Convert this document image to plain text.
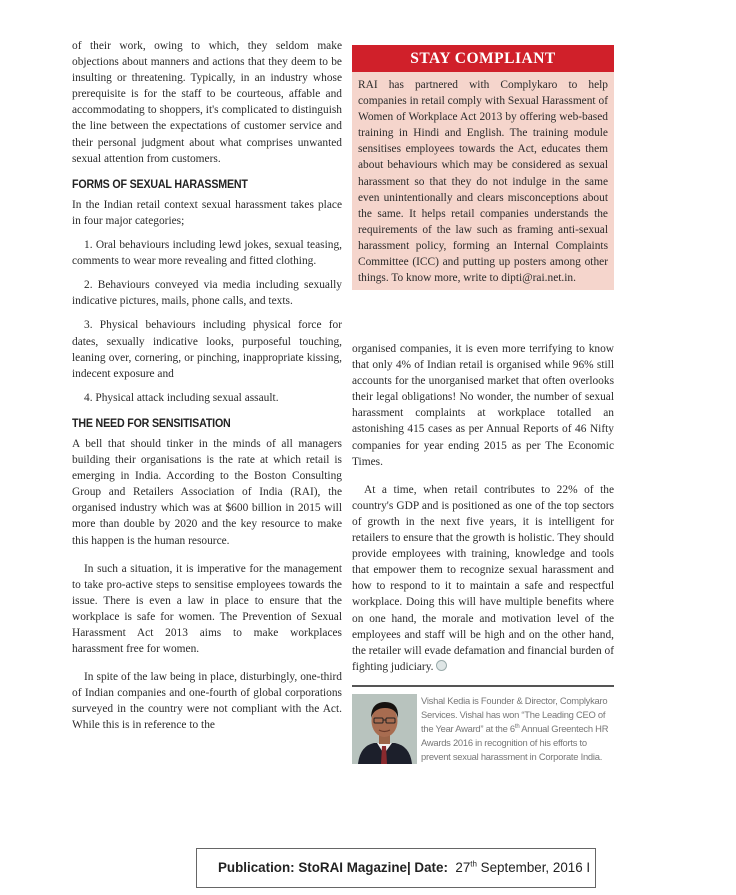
of their work, owing to which, they seldom make objections about manners and actions that they deem to be insulting or threatening. Typically, in an industry whose prerequisite is for the staff to be courteous, affable and accommodating to shoppers, it's complicated to distinguish the line between the expectations of customer service and their personal judgment about what comprises unwanted sexual attention from customers.

FORMS OF SEXUAL HARASSMENT

In the Indian retail context sexual harassment takes place in four major categories;

1. Oral behaviours including lewd jokes, sexual teasing, comments to wear more revealing and fitted clothing.

2. Behaviours conveyed via media including sexually indicative pictures, mails, phone calls, and texts.

3. Physical behaviours including physical force for dates, sexually indicative looks, purposeful touching, leaning over, cornering, or pinching, inappropriate kissing, indecent exposure and

4. Physical attack including sexual assault.

THE NEED FOR SENSITISATION

A bell that should tinker in the minds of all managers building their organisations is the rate at which retail is emerging in India. According to the Boston Consulting Group and Retailers Association of India (RAI), the organised industry which was at $600 billion in 2015 will more than double by 2020 and the key resource to make this happen is the human resource.

In such a situation, it is imperative for the management to take pro-active steps to sensitise employees towards the issue. There is even a law in place to ensure that the workplace is safe for women. The Prevention of Sexual Harassment Act 2013 aims to make workplaces harassment free for women.

In spite of the law being in place, disturbingly, one-third of Indian companies and one-fourth of global corporations surveyed in the country were not compliant with the Act. While this is in reference to the

STAY COMPLIANT
RAI has partnered with Complykaro to help companies in retail comply with Sexual Harassment of Women of Workplace Act 2013 by offering web-based training in Hindi and English. The training module sensitises employees towards the Act, educates them about behaviours which may be considered as sexual harassment so that they do not indulge in the same even unintentionally and clears misconceptions about the same. It helps retail companies understands the requirements of the law such as framing anti-sexual harassment policy, forming an Internal Complaints Committee (ICC) and putting up posters among other things. To know more, write to dipti@rai.net.in.

organised companies, it is even more terrifying to know that only 4% of Indian retail is organised while 96% still accounts for the unorganised market that often overlooks their legal obligations! No wonder, the number of sexual harassment complaints at workplace totalled an astonishing 415 cases as per Annual Reports of 46 Nifty companies for year ending 2015 as per The Economic Times.

At a time, when retail contributes to 22% of the country's GDP and is positioned as one of the top sectors of growth in the next five years, it is intelligent for retailers to ensure that the growth is holistic. They should provide employees with training, knowledge and tools that empower them to recognize sexual harassment and how to respond to it to maintain a safe and respectful workplace. Doing this will have multiple benefits where on one hand, the morale and motivation level of the employees and staff will be high and on the other hand, the retailer will evade defamation and financial burden of fighting judiciary.

Vishal Kedia is Founder & Director, Complykaro Services. Vishal has won “The Leading CEO of the Year Award” at the 6th Annual Greentech HR Awards 2016 in recognition of his efforts to prevent sexual harassment in Corporate India.
Publication: StoRAI Magazine| Date: 27th September, 2016 I
